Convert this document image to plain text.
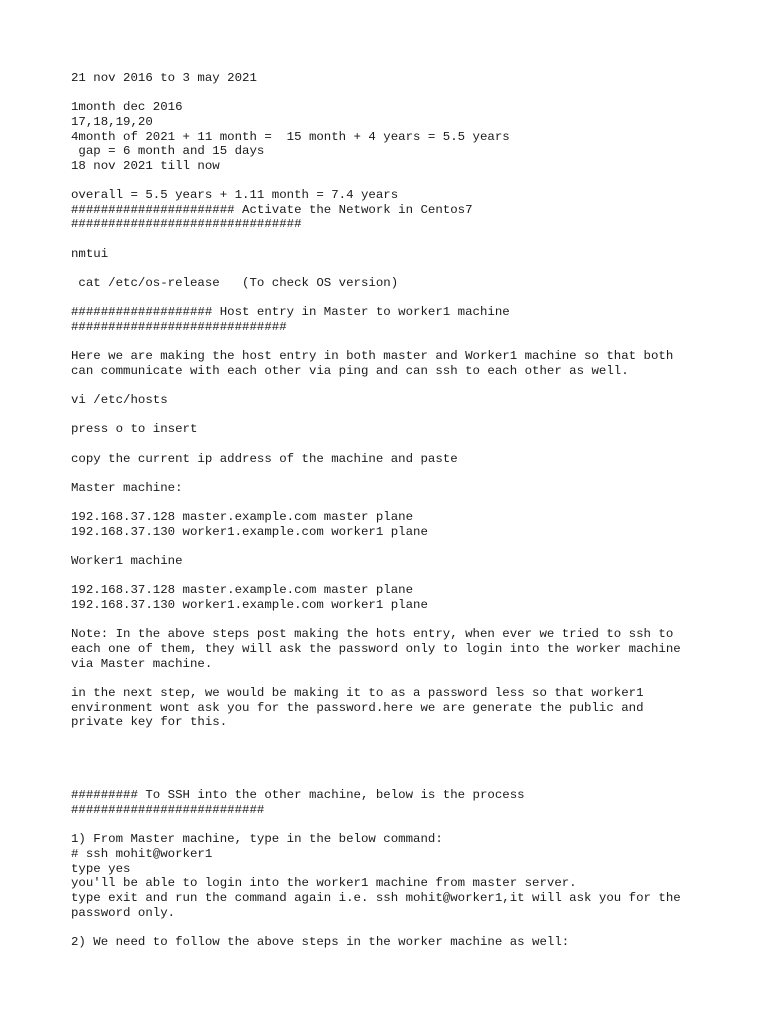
21 nov 2016 to 3 may 2021
1month dec 2016
17,18,19,20
4month of 2021 + 11 month =  15 month + 4 years = 5.5 years
gap = 6 month and 15 days
18 nov 2021 till now
overall = 5.5 years + 1.11 month = 7.4 years
###################### Activate the Network in Centos7
###############################
nmtui
cat /etc/os-release   (To check OS version)
################### Host entry in Master to worker1 machine
#############################
Here we are making the host entry in both master and Worker1 machine so that both
can communicate with each other via ping and can ssh to each other as well.
vi /etc/hosts
press o to insert
copy the current ip address of the machine and paste
Master machine:
192.168.37.128 master.example.com master plane
192.168.37.130 worker1.example.com worker1 plane
Worker1 machine
192.168.37.128 master.example.com master plane
192.168.37.130 worker1.example.com worker1 plane
Note: In the above steps post making the hots entry, when ever we tried to ssh to
each one of them, they will ask the password only to login into the worker machine
via Master machine.
in the next step, we would be making it to as a password less so that worker1
environment wont ask you for the password.here we are generate the public and
private key for this.
######### To SSH into the other machine, below is the process
##########################
1) From Master machine, type in the below command:
# ssh mohit@worker1
type yes
you'll be able to login into the worker1 machine from master server.
type exit and run the command again i.e. ssh mohit@worker1,it will ask you for the
password only.
2) We need to follow the above steps in the worker machine as well:
